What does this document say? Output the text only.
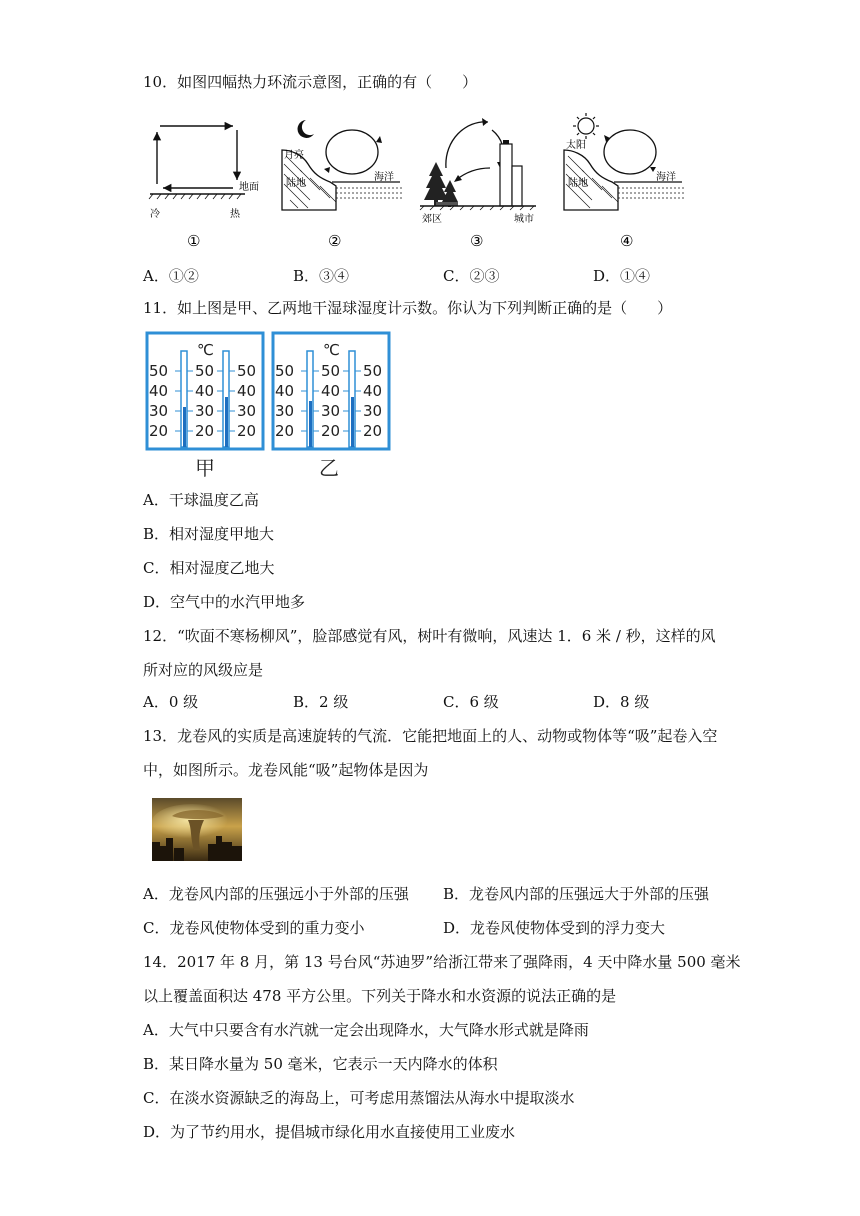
10．如图四幅热力环流示意图，正确的有（　　）
地面
冷	热
①
月亮
陆地
海洋
②
郊区	城市
③
太阳
陆地
海洋
④
A．①②	B．③④	C．②③	D．①④
11．如上图是甲、乙两地干湿球湿度计示数。你认为下列判断正确的是（　　）
℃
50
40
30
20
50
40
30
20
50
40
30
20
甲
℃
50
40
30
20
50
40
30
20
50
40
30
20
乙
A．干球温度乙高
B．相对湿度甲地大
C．相对湿度乙地大
D．空气中的水汽甲地多
12．“吹面不寒杨柳风”，脸部感觉有风，树叶有微响，风速达 1．6 米 / 秒，这样的风
所对应的风级应是
A．0 级	B．2 级	C．6 级	D．8 级
13．龙卷风的实质是高速旋转的气流．它能把地面上的人、动物或物体等“吸”起卷入空
中，如图所示。龙卷风能“吸”起物体是因为
A．龙卷风内部的压强远小于外部的压强 B．龙卷风内部的压强远大于外部的压强
C．龙卷风使物体受到的重力变小	D．龙卷风使物体受到的浮力变大
14．2017 年 8 月，第 13 号台风“苏迪罗”给浙江带来了强降雨，4 天中降水量 500 毫米
以上覆盖面积达 478 平方公里。下列关于降水和水资源的说法正确的是
A．大气中只要含有水汽就一定会出现降水，大气降水形式就是降雨
B．某日降水量为 50 毫米，它表示一天内降水的体积
C．在淡水资源缺乏的海岛上，可考虑用蒸馏法从海水中提取淡水
D．为了节约用水，提倡城市绿化用水直接使用工业废水
